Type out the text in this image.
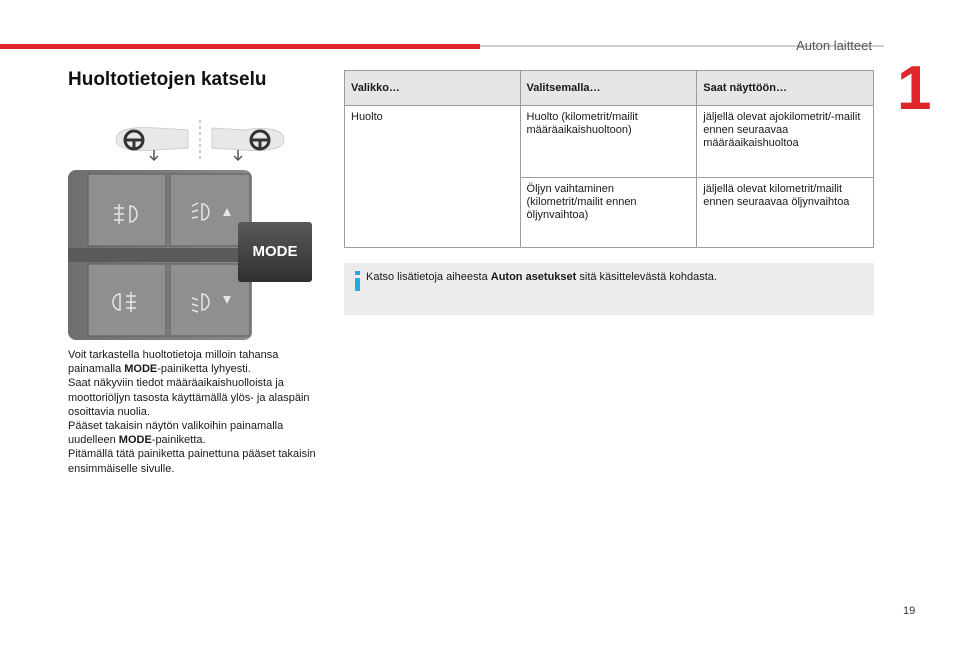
Auton laitteet
1
Huoltotietojen katselu
MODE

Voit tarkastella huoltotietoja milloin tahansa painamalla MODE-painiketta lyhyesti.

Saat näkyviin tiedot määräaikaishuolloista ja moottoriöljyn tasosta käyttämällä ylös- ja alaspäin osoittavia nuolia.

Pääset takaisin näytön valikoihin painamalla uudelleen MODE-painiketta.

Pitämällä tätä painiketta painettuna pääset takaisin ensimmäiselle sivulle.

Valikko…	Valitsemalla…	Saat näyttöön…
Huolto	Huolto (kilometrit/mailit määräaikaishuoltoon)	jäljellä olevat ajokilometrit/-mailit ennen seuraavaa määräaikaishuoltoa
	Öljyn vaihtaminen (kilometrit/mailit ennen öljynvaihtoa)	jäljellä olevat kilometrit/mailit ennen seuraavaa öljynvaihtoa
Katso lisätietoja aiheesta Auton asetukset sitä käsittelevästä kohdasta.
19
